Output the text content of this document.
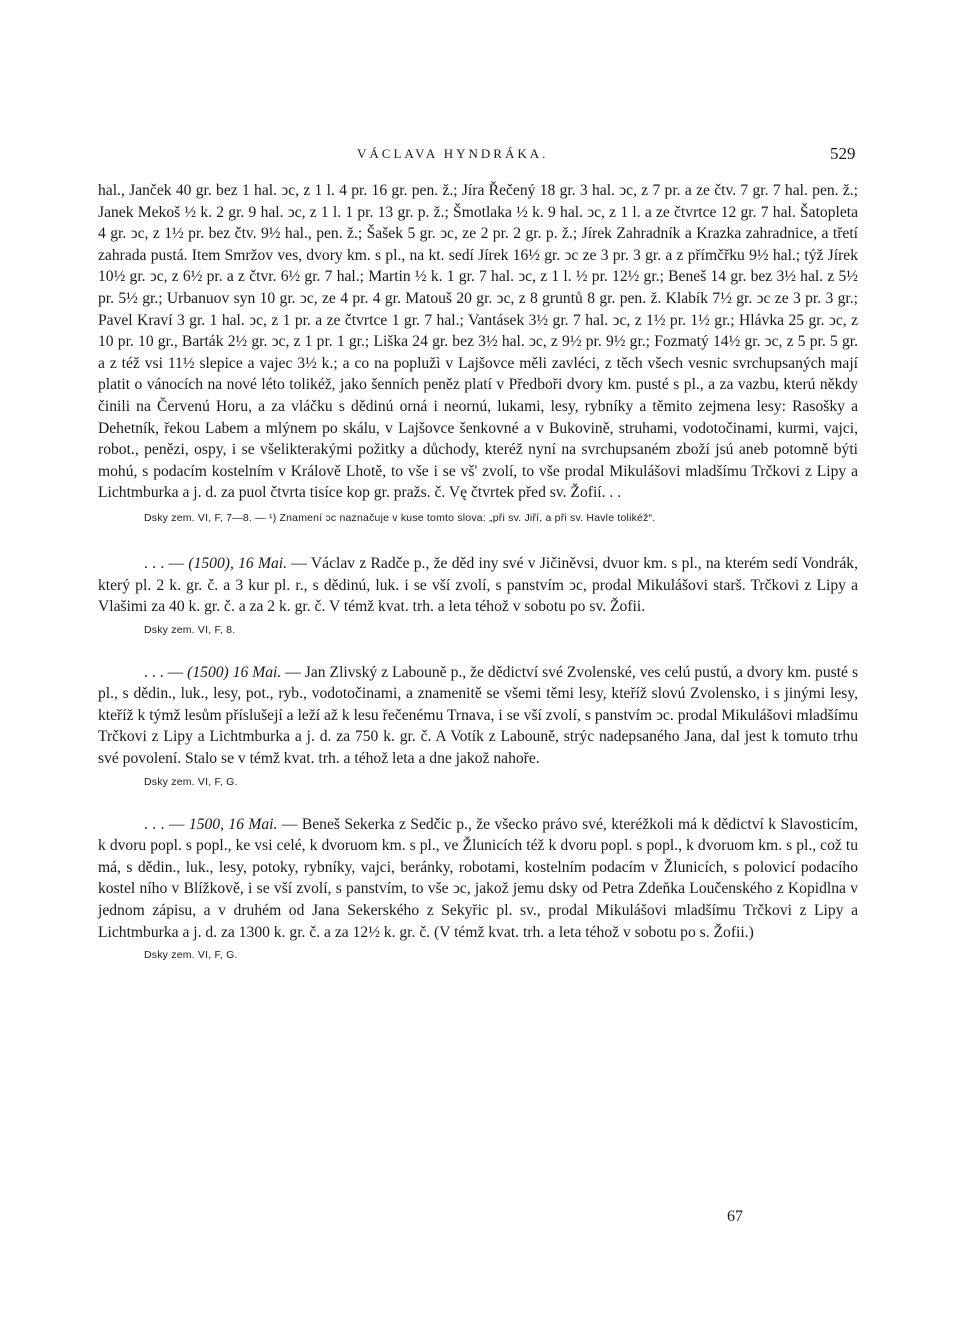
VÁCLAVA HYNDRÁKA.	529

hal., Janček 40 gr. bez 1 hal. ͻc, z 1 l. 4 pr. 16 gr. pen. ž.; Jíra Řečený 18 gr. 3 hal. ͻc, z 7 pr. a ze čtv. 7 gr. 7 hal. pen. ž.; Janek Mekoš ½ k. 2 gr. 9 hal. ͻc, z 1 l. 1 pr. 13 gr. p. ž.; Šmotlaka ½ k. 9 hal. ͻc, z 1 l. a ze čtvrtce 12 gr. 7 hal. Šatopleta 4 gr. ͻc, z 1½ pr. bez čtv. 9½ hal., pen. ž.; Šašek 5 gr. ͻc, ze 2 pr. 2 gr. p. ž.; Jírek Zahradník a Krazka zahradnice, a třetí zahrada pustá. Item Smržov ves, dvory km. s pl., na kt. sedí Jírek 16½ gr. ͻc ze 3 pr. 3 gr. a z přímčřku 9½ hal.; týž Jírek 10½ gr. ͻc, z 6½ pr. a z čtvr. 6½ gr. 7 hal.; Martin ½ k. 1 gr. 7 hal. ͻc, z 1 l. ½ pr. 12½ gr.; Beneš 14 gr. bez 3½ hal. z 5½ pr. 5½ gr.; Urbanuov syn 10 gr. ͻc, ze 4 pr. 4 gr. Matouš 20 gr. ͻc, z 8 gruntů 8 gr. pen. ž. Klabík 7½ gr. ͻc ze 3 pr. 3 gr.; Pavel Kraví 3 gr. 1 hal. ͻc, z 1 pr. a ze čtvrtce 1 gr. 7 hal.; Vantásek 3½ gr. 7 hal. ͻc, z 1½ pr. 1½ gr.; Hlávka 25 gr. ͻc, z 10 pr. 10 gr., Barták 2½ gr. ͻc, z 1 pr. 1 gr.; Liška 24 gr. bez 3½ hal. ͻc, z 9½ pr. 9½ gr.; Fozmatý 14½ gr. ͻc, z 5 pr. 5 gr. a z též vsi 11½ slepice a vajec 3½ k.; a co na poplužì v Lajšovce měli zavléci, z těch všech vesnic svrchupsaných mají platit o vánocích na nové léto tolikéž, jako šenních peněz platí v Předboři dvory km. pusté s pl., a za vazbu, kterú někdy činili na Červenú Horu, a za vláčku s dědinú orná i neornú, lukami, lesy, rybníky a těmito zejmena lesy: Rasošky a Dehetník, řekou Labem a mlýnem po skálu, v Lajšovce šenkovné a v Bukovině, struhami, vodotočinami, kurmi, vajci, robot., penězi, ospy, i se všelikterakými požitky a důchody, kteréž nyní na svrchupsaném zboží jsú aneb potomně býti mohú, s podacím kostelním v Králově Lhotě, to vše i se vš' zvolí, to vše prodal Mikulášovi mladšímu Trčkovi z Lipy a Lichtmburka a j. d. za puol čtvrta tisíce kop gr. pražs. č. Vę čtvrtek před sv. Žofií. . .

Dsky zem. VI, F, 7—8. — ¹) Znamení ͻc naznačuje v kuse tomto slova: „při sv. Jiří, a při sv. Havle tolikéž“.

. . . — (1500), 16 Mai. — Václav z Radče p., že děd iny své v Jičiněvsi, dvuor km. s pl., na kterém sedí Vondrák, který pl. 2 k. gr. č. a 3 kur pl. r., s dědinú, luk. i se vší zvolí, s panstvím ͻc, prodal Mikulášovi starš. Trčkovi z Lipy a Vlašimi za 40 k. gr. č. a za 2 k. gr. č. V témž kvat. trh. a leta téhož v sobotu po sv. Žofii.

Dsky zem. VI, F, 8.

. . . — (1500) 16 Mai. — Jan Zlivský z Labouně p., že dědictví své Zvolenské, ves celú pustú, a dvory km. pusté s pl., s dědin., luk., lesy, pot., ryb., vodotočinami, a znamenitě se všemi těmi lesy, kteříž slovú Zvolensko, i s jinými lesy, kteříž k týmž lesům příslušejí a leží až k lesu řečenému Trnava, i se vší zvolí, s panstvím ͻc. prodal Mikulášovi mladšímu Trčkovi z Lipy a Lichtmburka a j. d. za 750 k. gr. č. A Votík z Labouně, strýc nadepsaného Jana, dal jest k tomuto trhu své povolení. Stalo se v témž kvat. trh. a téhož leta a dne jakož nahoře.

Dsky zem. VI, F, G.

. . . — 1500, 16 Mai. — Beneš Sekerka z Sedčic p., že všecko právo své, kteréžkoli má k dědictví k Slavosticím, k dvoru popl. s popl., ke vsi celé, k dvoruom km. s pl., ve Žlunicích též k dvoru popl. s popl., k dvoruom km. s pl., což tu má, s dědin., luk., lesy, potoky, rybníky, vajci, beránky, robotami, kostelním podacím v Žlunicích, s polovicí podacího kostel ního v Blížkově, i se vší zvolí, s panstvím, to vše ͻc, jakož jemu dsky od Petra Zdeňka Loučenského z Kopidlna v jednom zápisu, a v druhém od Jana Sekerského z Sekyřic pl. sv., prodal Mikulášovi mladšímu Trčkovi z Lipy a Lichtmburka a j. d. za 1300 k. gr. č. a za 12½ k. gr. č. (V témž kvat. trh. a leta téhož v sobotu po s. Žofii.)

Dsky zem. VI, F, G.
67
